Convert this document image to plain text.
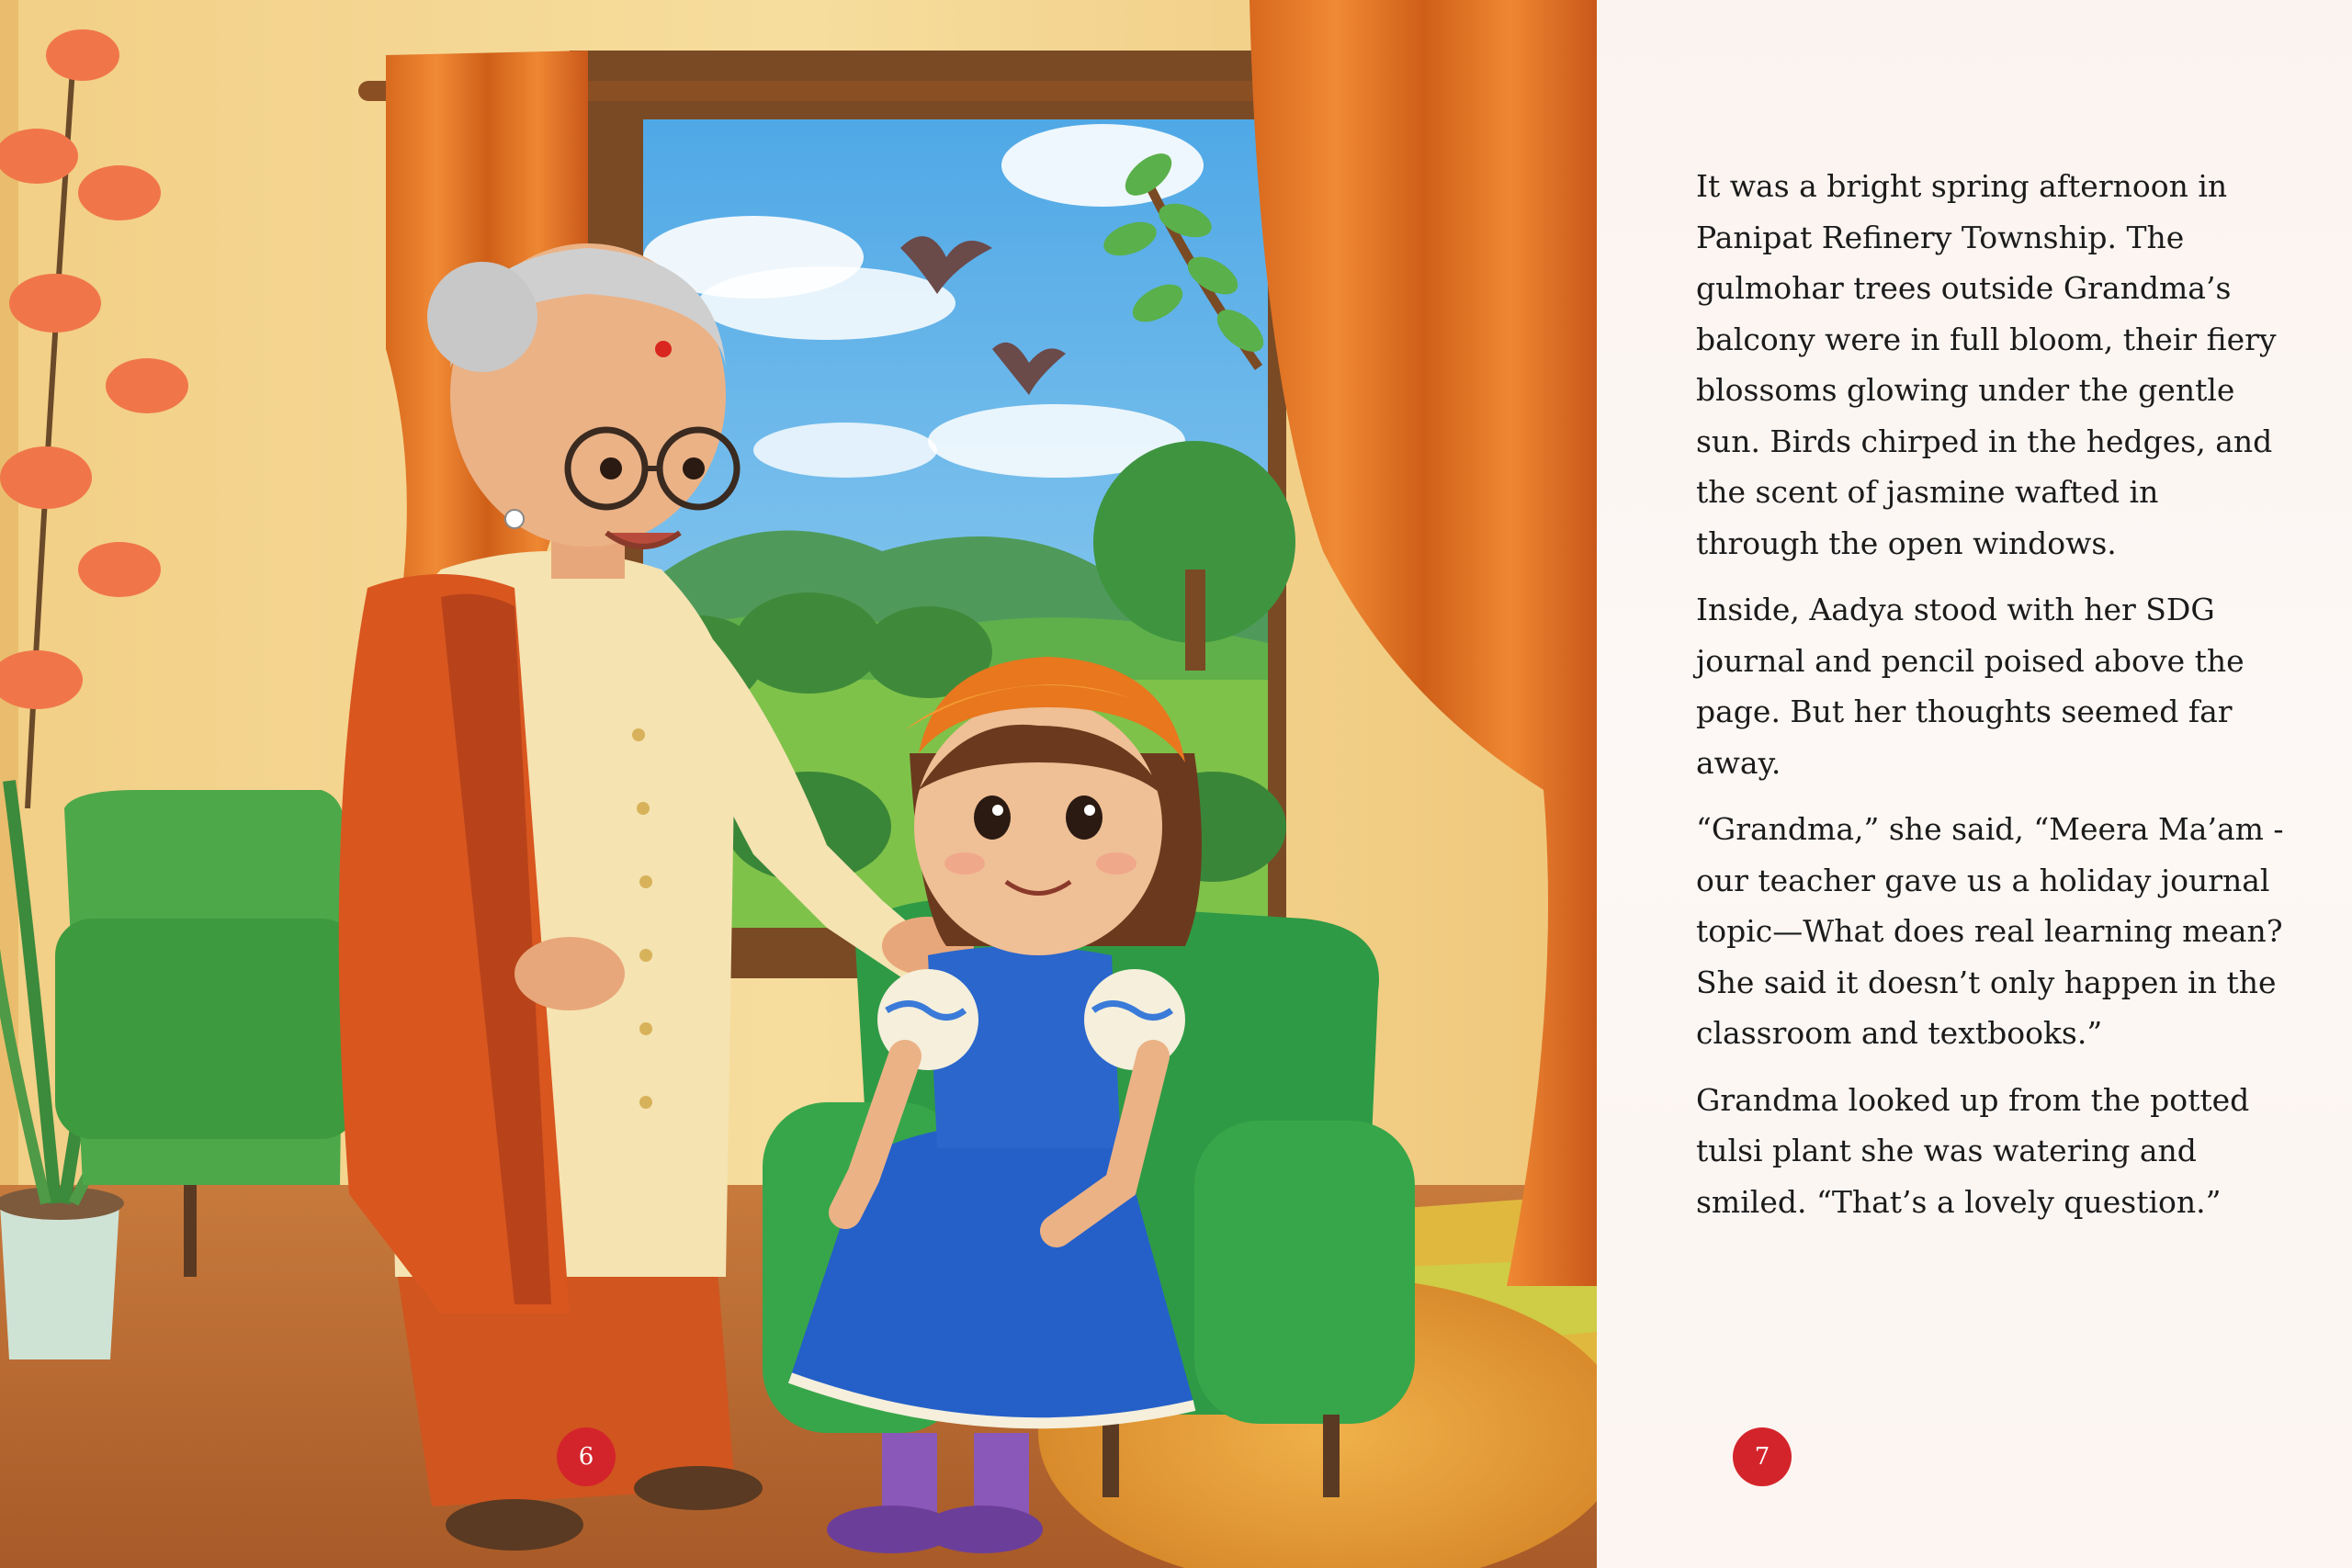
6

It was a bright spring afternoon in Panipat Refinery Township. The gulmohar trees outside Grandma’s balcony were in full bloom, their fiery blossoms glowing under the gentle sun. Birds chirped in the hedges, and the scent of jasmine wafted in through the open windows.

Inside, Aadya stood with her SDG journal and pencil poised above the page. But her thoughts seemed far away.

“Grandma,” she said, “Meera Ma’am - our teacher gave us a holiday journal topic—What does real learning mean? She said it doesn’t only happen in the classroom and textbooks.”

Grandma looked up from the potted tulsi plant she was watering and smiled. “That’s a lovely question.”

7
